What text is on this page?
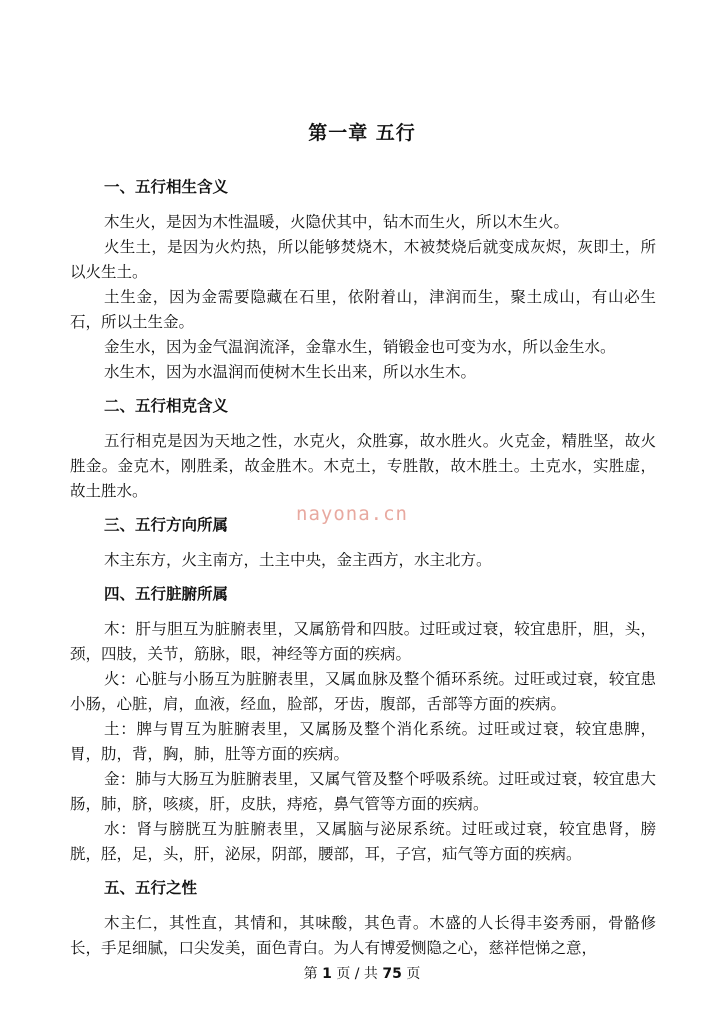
第一章 五行
一、五行相生含义

木生火，是因为木性温暖，火隐伏其中，钻木而生火，所以木生火。

火生土，是因为火灼热，所以能够焚烧木，木被焚烧后就变成灰烬，灰即土，所以火生土。

土生金，因为金需要隐藏在石里，依附着山，津润而生，聚土成山，有山必生石，所以土生金。

金生水，因为金气温润流泽，金靠水生，销锻金也可变为水，所以金生水。

水生木，因为水温润而使树木生长出来，所以水生木。

二、五行相克含义

五行相克是因为天地之性，水克火，众胜寡，故水胜火。火克金，精胜坚，故火胜金。金克木，刚胜柔，故金胜木。木克土，专胜散，故木胜土。土克水，实胜虚，故土胜水。

三、五行方向所属

木主东方，火主南方，土主中央，金主西方，水主北方。

四、五行脏腑所属

木：肝与胆互为脏腑表里，又属筋骨和四肢。过旺或过衰，较宜患肝，胆，头，颈，四肢，关节，筋脉，眼，神经等方面的疾病。

火：心脏与小肠互为脏腑表里，又属血脉及整个循环系统。过旺或过衰，较宜患小肠，心脏，肩，血液，经血，脸部，牙齿，腹部，舌部等方面的疾病。

土：脾与胃互为脏腑表里，又属肠及整个消化系统。过旺或过衰，较宜患脾，胃，肋，背，胸，肺，肚等方面的疾病。

金：肺与大肠互为脏腑表里，又属气管及整个呼吸系统。过旺或过衰，较宜患大肠，肺，脐，咳痰，肝，皮肤，痔疮，鼻气管等方面的疾病。

水：肾与膀胱互为脏腑表里，又属脑与泌尿系统。过旺或过衰，较宜患肾，膀胱，胫，足，头，肝，泌尿，阴部，腰部，耳，子宫，疝气等方面的疾病。

五、五行之性

木主仁，其性直，其情和，其味酸，其色青。木盛的人长得丰姿秀丽，骨骼修长，手足细腻，口尖发美，面色青白。为人有博爱恻隐之心，慈祥恺悌之意，

nayona.cn
第 1 页 / 共 75 页
